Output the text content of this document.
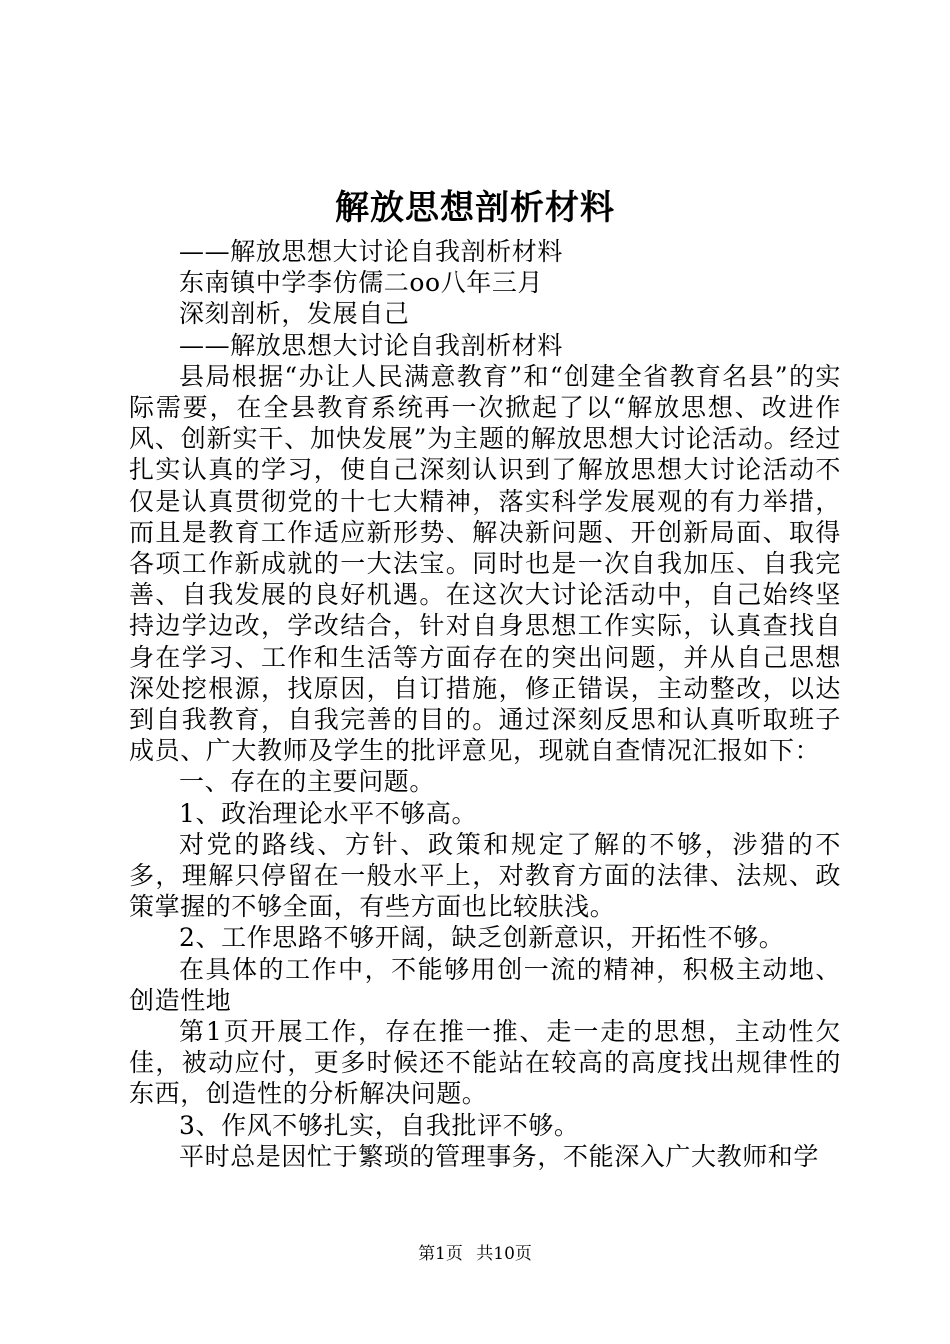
解放思想剖析材料

——解放思想大讨论自我剖析材料

东南镇中学李仿儒二oo八年三月

深刻剖析，发展自己

——解放思想大讨论自我剖析材料

县局根据“办让人民满意教育”和“创建全省教育名县”的实际需要，在全县教育系统再一次掀起了以“解放思想、改进作风、创新实干、加快发展”为主题的解放思想大讨论活动。经过扎实认真的学习，使自己深刻认识到了解放思想大讨论活动不仅是认真贯彻党的十七大精神，落实科学发展观的有力举措，而且是教育工作适应新形势、解决新问题、开创新局面、取得各项工作新成就的一大法宝。同时也是一次自我加压、自我完善、自我发展的良好机遇。在这次大讨论活动中，自己始终坚持边学边改，学改结合，针对自身思想工作实际，认真查找自身在学习、工作和生活等方面存在的突出问题，并从自己思想深处挖根源，找原因，自订措施，修正错误，主动整改，以达到自我教育，自我完善的目的。通过深刻反思和认真听取班子成员、广大教师及学生的批评意见，现就自查情况汇报如下：

一、存在的主要问题。

1、政治理论水平不够高。

对党的路线、方针、政策和规定了解的不够，涉猎的不多，理解只停留在一般水平上，对教育方面的法律、法规、政策掌握的不够全面，有些方面也比较肤浅。

2、工作思路不够开阔，缺乏创新意识，开拓性不够。

在具体的工作中，不能够用创一流的精神，积极主动地、创造性地

第1页开展工作，存在推一推、走一走的思想，主动性欠佳，被动应付，更多时候还不能站在较高的高度找出规律性的东西，创造性的分析解决问题。

3、作风不够扎实，自我批评不够。

平时总是因忙于繁琐的管理事务，不能深入广大教师和学

第1页 共10页
